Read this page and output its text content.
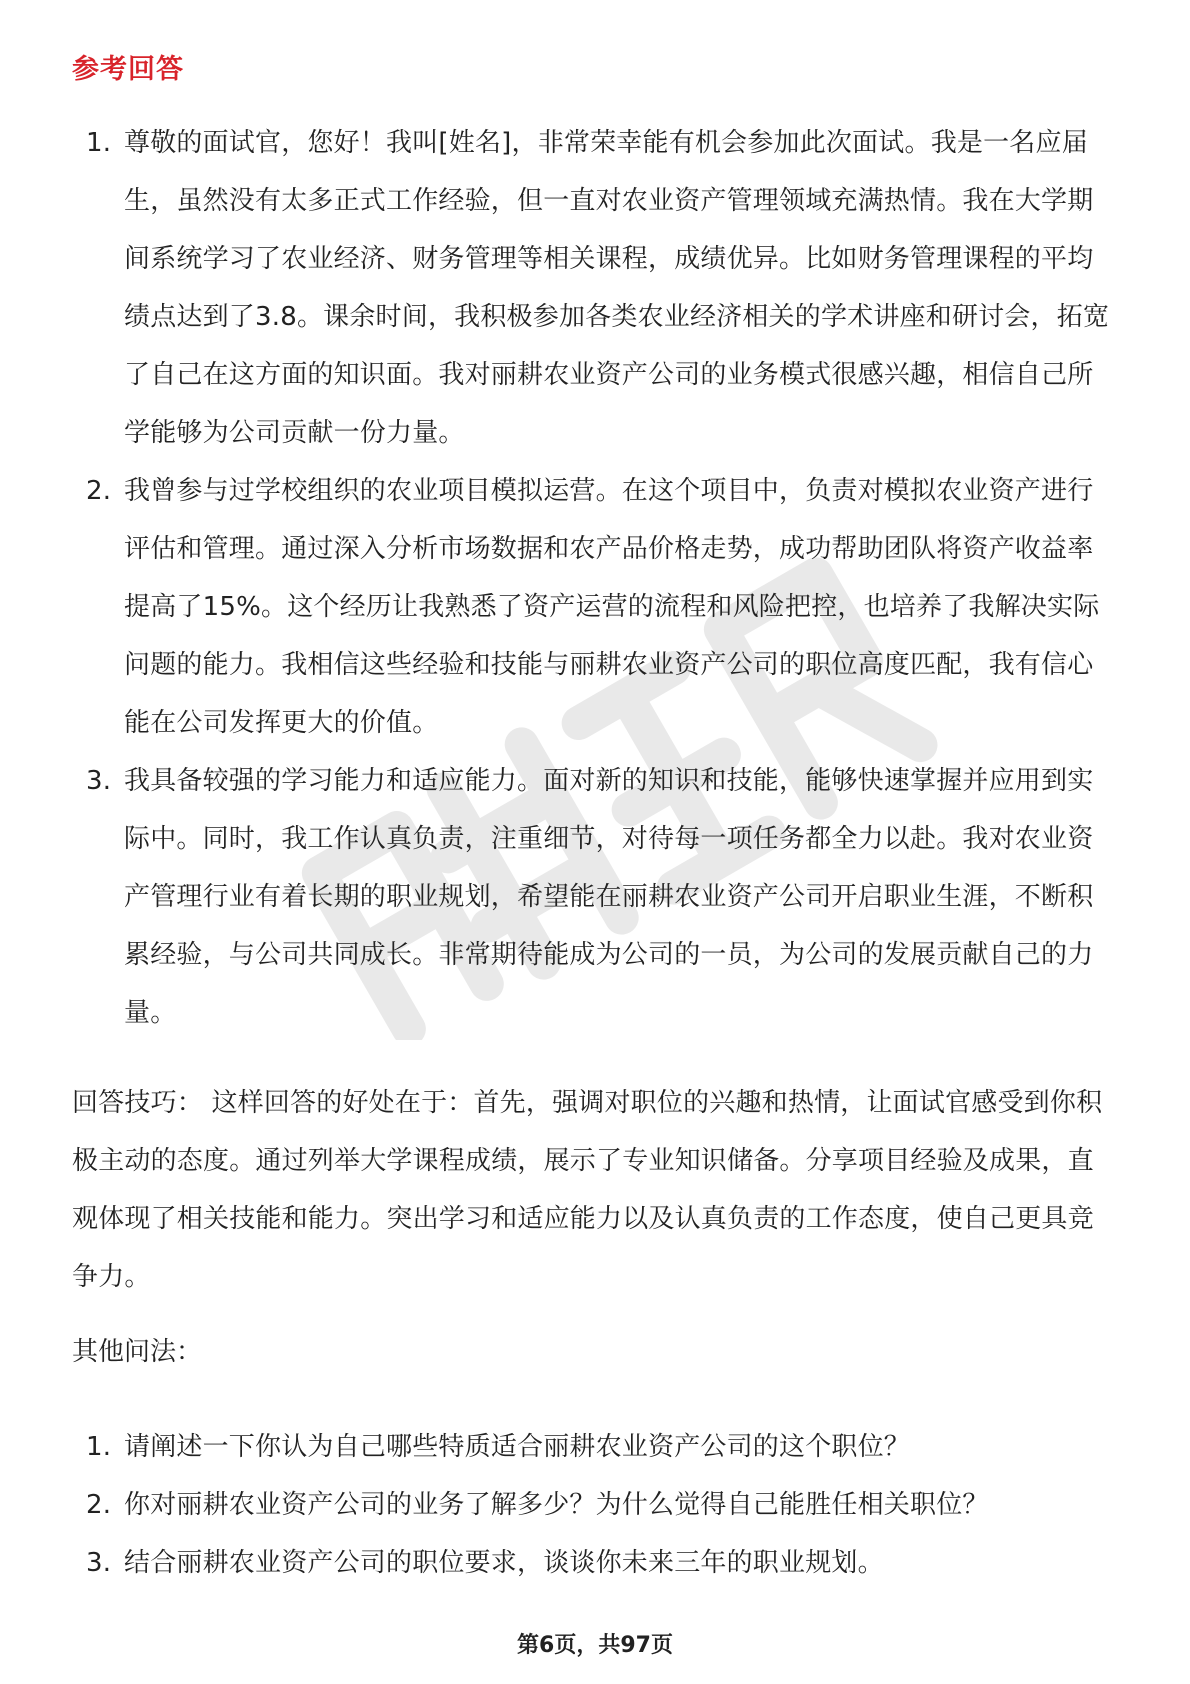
参考回答
1. 尊敬的面试官，您好！我叫[姓名]，非常荣幸能有机会参加此次面试。我是一名应届生，虽然没有太多正式工作经验，但一直对农业资产管理领域充满热情。我在大学期间系统学习了农业经济、财务管理等相关课程，成绩优异。比如财务管理课程的平均绩点达到了3.8。课余时间，我积极参加各类农业经济相关的学术讲座和研讨会，拓宽了自己在这方面的知识面。我对丽耕农业资产公司的业务模式很感兴趣，相信自己所学能够为公司贡献一份力量。
2. 我曾参与过学校组织的农业项目模拟运营。在这个项目中，负责对模拟农业资产进行评估和管理。通过深入分析市场数据和农产品价格走势，成功帮助团队将资产收益率提高了15%。这个经历让我熟悉了资产运营的流程和风险把控，也培养了我解决实际问题的能力。我相信这些经验和技能与丽耕农业资产公司的职位高度匹配，我有信心能在公司发挥更大的价值。
3. 我具备较强的学习能力和适应能力。面对新的知识和技能，能够快速掌握并应用到实际中。同时，我工作认真负责，注重细节，对待每一项任务都全力以赴。我对农业资产管理行业有着长期的职业规划，希望能在丽耕农业资产公司开启职业生涯，不断积累经验，与公司共同成长。非常期待能成为公司的一员，为公司的发展贡献自己的力量。

回答技巧： 这样回答的好处在于：首先，强调对职位的兴趣和热情，让面试官感受到你积极主动的态度。通过列举大学课程成绩，展示了专业知识储备。分享项目经验及成果，直观体现了相关技能和能力。突出学习和适应能力以及认真负责的工作态度，使自己更具竞争力。

其他问法：

1. 请阐述一下你认为自己哪些特质适合丽耕农业资产公司的这个职位？
2. 你对丽耕农业资产公司的业务了解多少？为什么觉得自己能胜任相关职位？
3. 结合丽耕农业资产公司的职位要求，谈谈你未来三年的职业规划。
第6页，共97页
